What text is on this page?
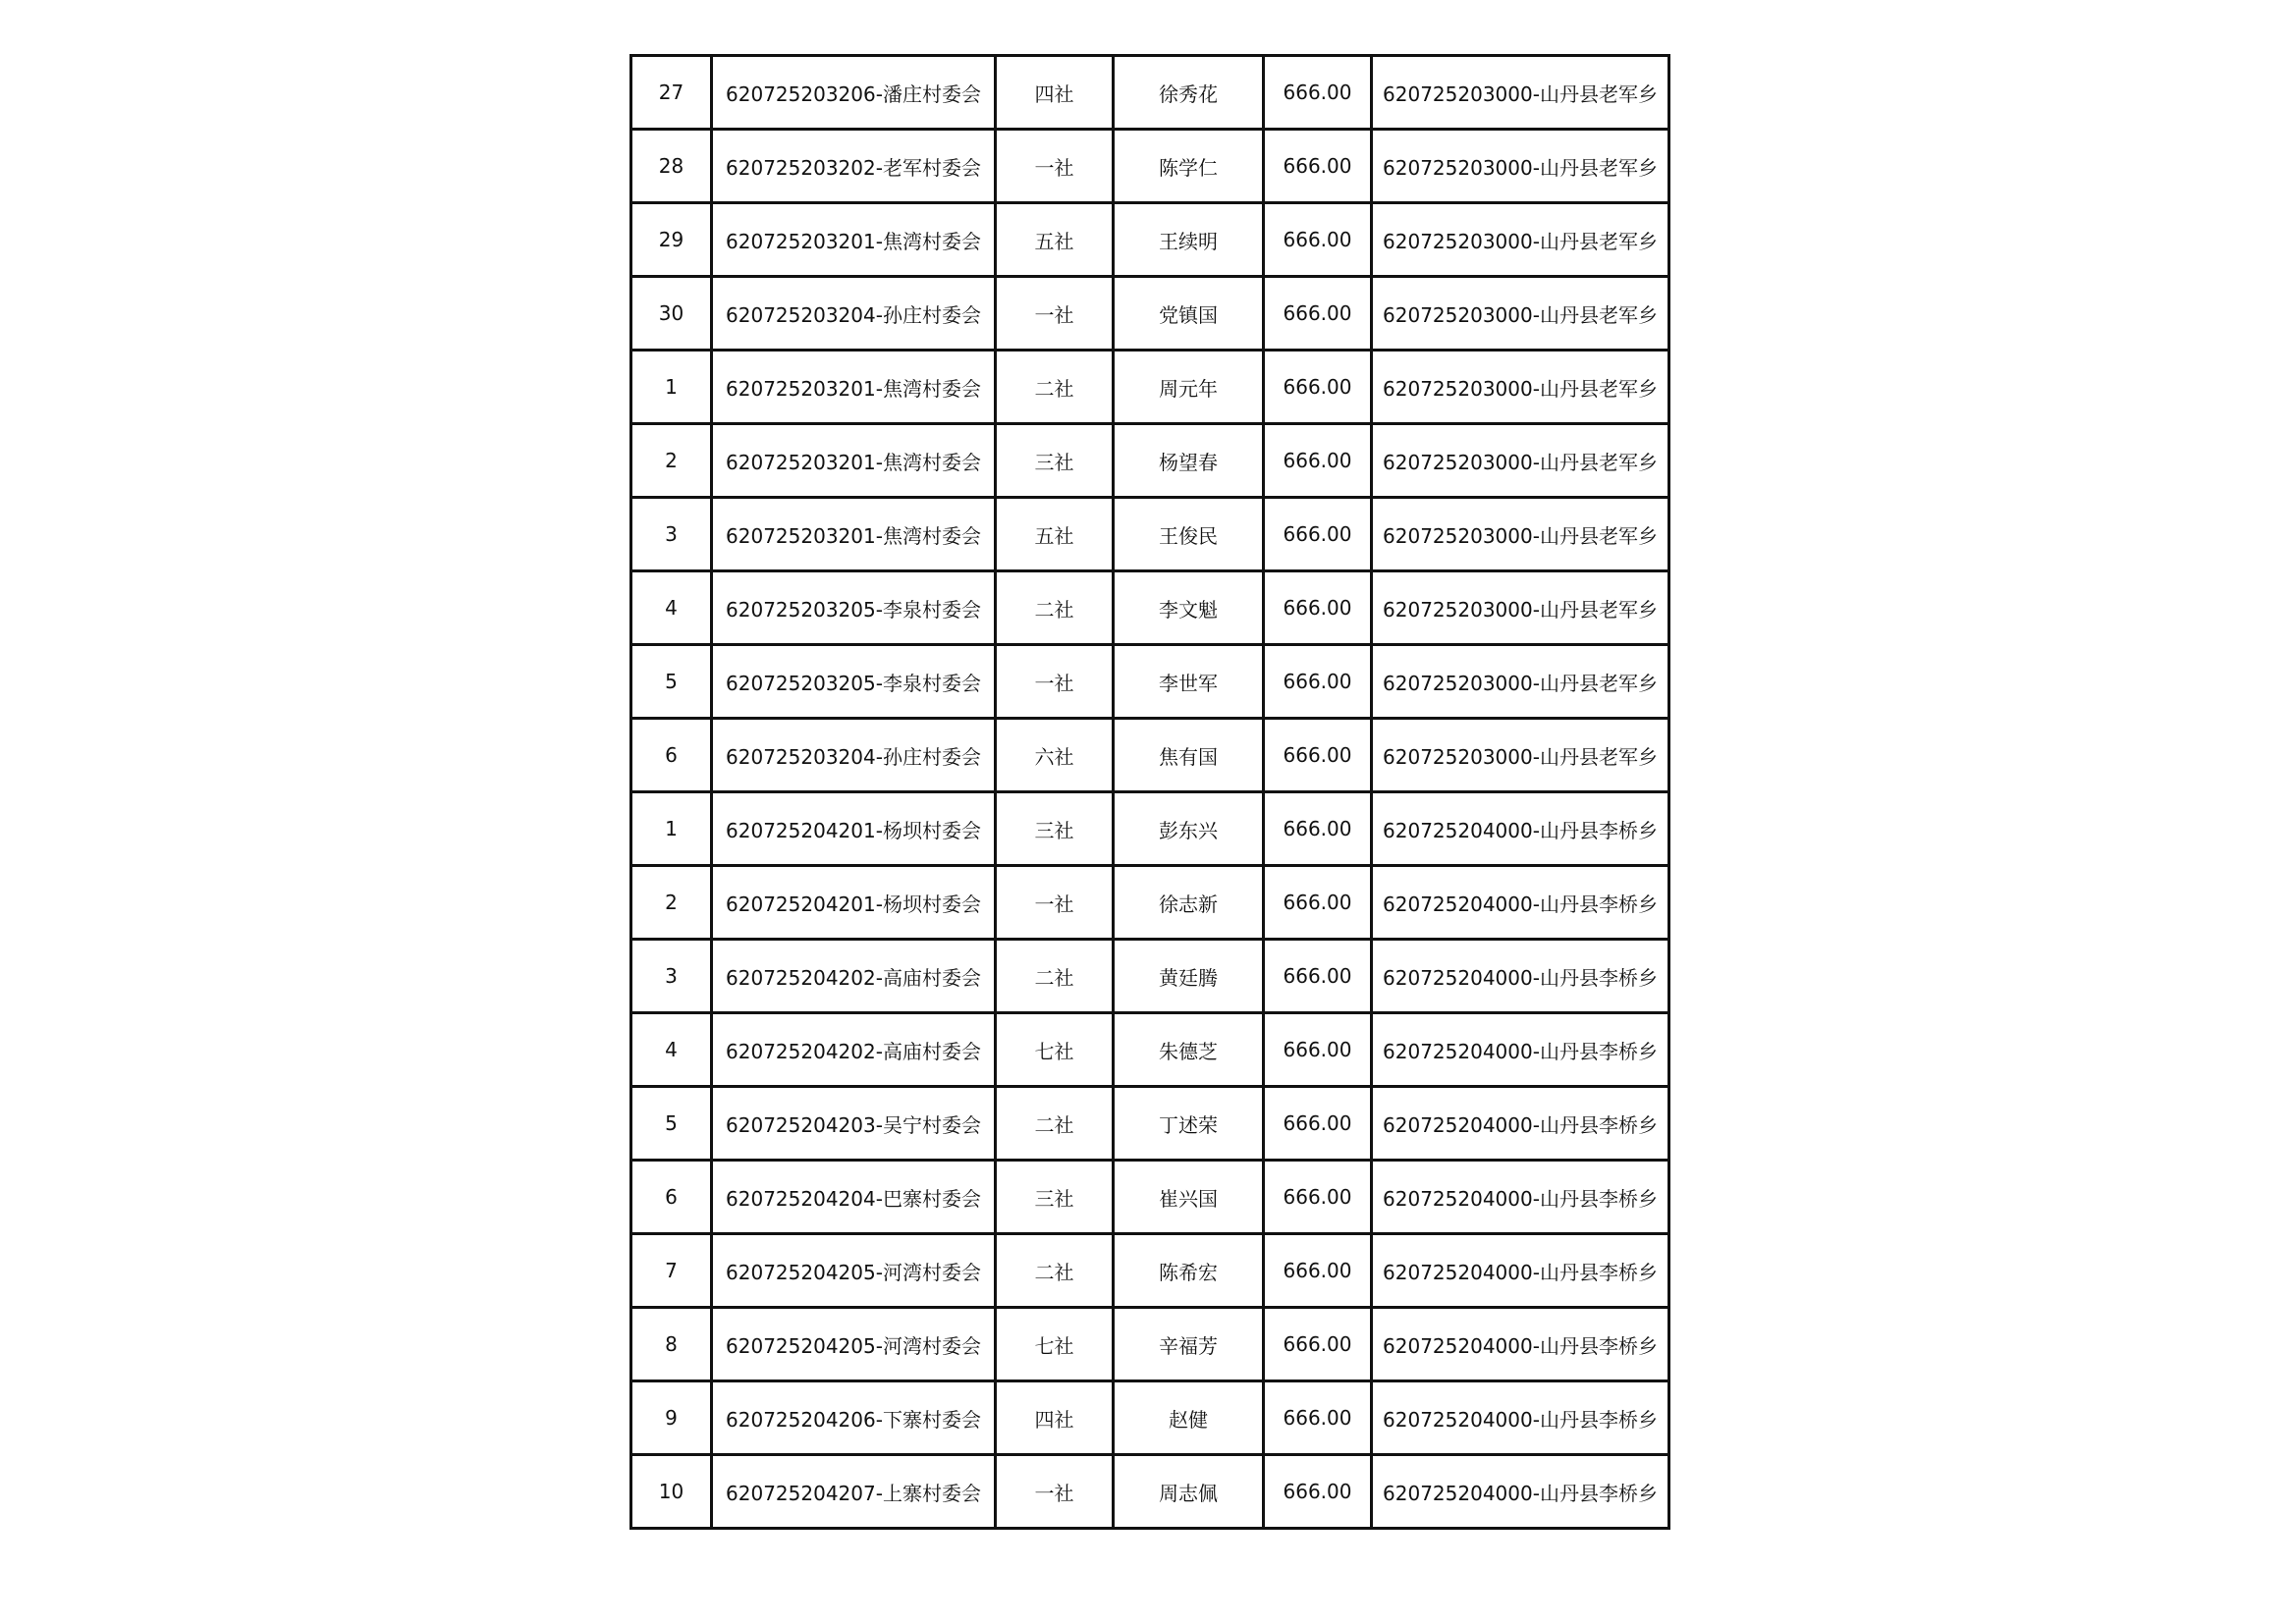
27	620725203206-潘庄村委会	四社	徐秀花	666.00	620725203000-山丹县老军乡
28	620725203202-老军村委会	一社	陈学仁	666.00	620725203000-山丹县老军乡
29	620725203201-焦湾村委会	五社	王续明	666.00	620725203000-山丹县老军乡
30	620725203204-孙庄村委会	一社	党镇国	666.00	620725203000-山丹县老军乡
1	620725203201-焦湾村委会	二社	周元年	666.00	620725203000-山丹县老军乡
2	620725203201-焦湾村委会	三社	杨望春	666.00	620725203000-山丹县老军乡
3	620725203201-焦湾村委会	五社	王俊民	666.00	620725203000-山丹县老军乡
4	620725203205-李泉村委会	二社	李文魁	666.00	620725203000-山丹县老军乡
5	620725203205-李泉村委会	一社	李世军	666.00	620725203000-山丹县老军乡
6	620725203204-孙庄村委会	六社	焦有国	666.00	620725203000-山丹县老军乡
1	620725204201-杨坝村委会	三社	彭东兴	666.00	620725204000-山丹县李桥乡
2	620725204201-杨坝村委会	一社	徐志新	666.00	620725204000-山丹县李桥乡
3	620725204202-高庙村委会	二社	黄廷腾	666.00	620725204000-山丹县李桥乡
4	620725204202-高庙村委会	七社	朱德芝	666.00	620725204000-山丹县李桥乡
5	620725204203-吴宁村委会	二社	丁述荣	666.00	620725204000-山丹县李桥乡
6	620725204204-巴寨村委会	三社	崔兴国	666.00	620725204000-山丹县李桥乡
7	620725204205-河湾村委会	二社	陈希宏	666.00	620725204000-山丹县李桥乡
8	620725204205-河湾村委会	七社	辛福芳	666.00	620725204000-山丹县李桥乡
9	620725204206-下寨村委会	四社	赵健	666.00	620725204000-山丹县李桥乡
10	620725204207-上寨村委会	一社	周志佩	666.00	620725204000-山丹县李桥乡
